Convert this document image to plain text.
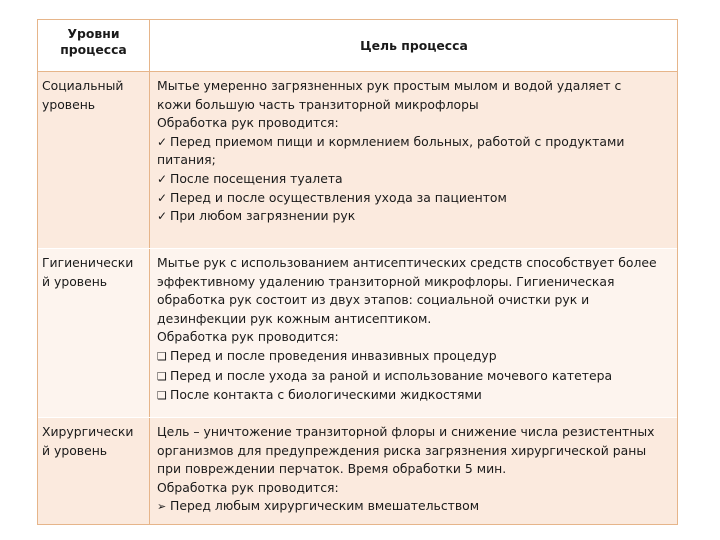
Уровни
процесса	Цель процесса
Социальный
уровень
Мытье умеренно загрязненных рук простым мылом и водой удаляет с
кожи большую часть транзиторной микрофлоры
Обработка рук проводится:
✓Перед приемом пищи и кормлением больных, работой с продуктами
питания;
✓После посещения туалета
✓Перед и после осуществления ухода за пациентом
✓При любом загрязнении рук
Гигиенически
й уровень
Мытье рук с использованием антисептических средств способствует более
эффективному удалению транзиторной микрофлоры. Гигиеническая
обработка рук состоит из двух этапов: социальной очистки рук и
дезинфекции рук кожным антисептиком.
Обработка рук проводится:
❑Перед и после проведения инвазивных процедур
❑Перед и после ухода за раной и использование мочевого катетера
❑После контакта с биологическими жидкостями
Хирургически
й уровень
Цель – уничтожение транзиторной флоры и снижение числа резистентных
организмов для предупреждения риска загрязнения хирургической раны
при повреждении перчаток. Время обработки 5 мин.
Обработка рук проводится:
➢Перед любым хирургическим вмешательством
